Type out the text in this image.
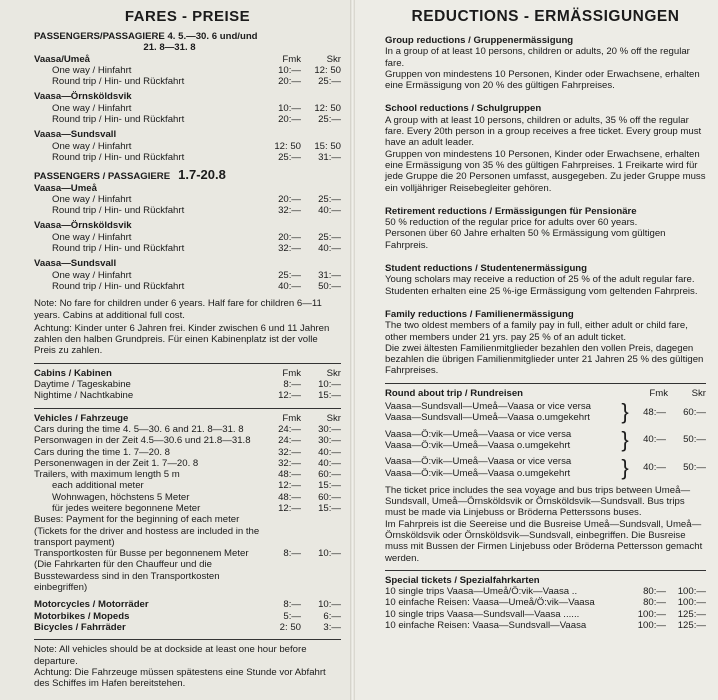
FARES - PREISE
PASSENGERS/PASSAGIERE 4. 5.—30. 6 und/und
21. 8—31. 8
Vaasa/Umeå	Fmk	Skr
One way / Hinfahrt	10:—	12: 50
Round trip / Hin- und Rückfahrt	20:—	25:—
Vaasa—Örnsköldsvik
One way / Hinfahrt	10:—	12: 50
Round trip / Hin- und Rückfahrt	20:—	25:—
Vaasa—Sundsvall
One way / Hinfahrt	12: 50	15: 50
Round trip / Hin- und Rückfahrt	25:—	31:—
PASSENGERS / PASSAGIERE 1.7-20.8
Vaasa—Umeå
One way / Hinfahrt	20:—	25:—
Round trip / Hin- und Rückfahrt	32:—	40:—
Vaasa—Örnsköldsvik
One way / Hinfahrt	20:—	25:—
Round trip / Hin- und Rückfahrt	32:—	40:—
Vaasa—Sundsvall
One way / Hinfahrt	25:—	31:—
Round trip / Hin- und Rückfahrt	40:—	50:—

Note: No fare for children under 6 years. Half fare for children 6—11 years. Cabins at additional full cost.

Achtung: Kinder unter 6 Jahren frei. Kinder zwischen 6 und 11 Jahren zahlen den halben Grundpreis. Für einen Kabinenplatz ist der volle Preis zu zahlen.

Cabins / Kabinen	Fmk	Skr
Daytime / Tageskabine	8:—	10:—
Nightime / Nachtkabine	12:—	15:—
Vehicles / Fahrzeuge	Fmk	Skr
Cars during the time 4. 5—30. 6 and 21. 8—31. 8	24:—	30:—
Personwagen in der Zeit 4.5—30.6 und 21.8—31.8	24:—	30:—
Cars during the time 1. 7—20. 8	32:—	40:—
Personenwagen in der Zeit 1. 7—20. 8	32:—	40:—
Trailers, with maximum length 5 m	48:—	60:—
each additional meter	12:—	15:—
Wohnwagen, höchstens 5 Meter	48:—	60:—
für jedes weitere begonnene Meter	12:—	15:—

Buses: Payment for the beginning of each meter (Tickets for the driver and hostess are included in the transport payment)

Transportkosten für Busse per begonnenem Meter	8:—	10:—

(Die Fahrkarten für den Chauffeur und die Busstewardess sind in den Transportkosten einbegriffen)

Motorcycles / Motorräder	8:—	10:—
Motorbikes / Mopeds	5:—	6:—
Bicycles / Fahrräder	2: 50	3:—

Note: All vehicles should be at dockside at least one hour before departure.

Achtung: Die Fahrzeuge müssen spätestens eine Stunde vor Abfahrt des Schiffes im Hafen bereitstehen.

REDUCTIONS - ERMÄSSIGUNGEN
Group reductions / Gruppenermässigung

In a group of at least 10 persons, children or adults, 20 % off the regular fare.

Gruppen von mindestens 10 Personen, Kinder oder Erwachsene, erhalten eine Ermässigung von 20 % des gültigen Fahrpreises.

School reductions / Schulgruppen

A group with at least 10 persons, children or adults, 35 % off the regular fare. Every 20th person in a group receives a free ticket. Every group must have an adult leader.

Gruppen von mindestens 10 Personen, Kinder oder Erwachsene, erhalten eine Ermässigung von 35 % des gültigen Fahrpreises. 1 Freikarte wird für jede Gruppe die 20 Personen umfasst, ausgegeben. Zu jeder Gruppe muss ein volljähriger Reisebegleiter gehören.

Retirement reductions / Ermässigungen für Pensionäre

50 % reduction of the regular price for adults over 60 years.

Personen über 60 Jahre erhalten 50 % Ermässigung vom gültigen Fahrpreis.

Student reductions / Studentenermässigung

Young scholars may receive a reduction of 25 % of the adult regular fare.

Studenten erhalten eine 25 %-ige Ermässigung vom geltenden Fahrpreis.

Family reductions / Familienermässigung

The two oldest members of a family pay in full, either adult or child fare, other members under 21 yrs. pay 25 % of an adult ticket.

Die zwei ältesten Familienmitglieder bezahlen den vollen Preis, dagegen bezahlen die übrigen Familienmitglieder unter 21 Jahren 25 % des gültigen Fahrpreises.

Round about trip / Rundreisen	Fmk	Skr
Vaasa—Sundsvall—Umeå—Vaasa or vice versa
Vaasa—Sundsvall—Umeå—Vaasa o.umgekehrt	}	48:—	60:—
Vaasa—Ö:vik—Umeå—Vaasa or vice versa
Vaasa—Ö:vik—Umeå—Vaasa o.umgekehrt	}	40:—	50:—
Vaasa—Ö:vik—Umeå—Vaasa or vice versa
Vaasa—Ö:vik—Umeå—Vaasa o.umgekehrt	}	40:—	50:—

The ticket price includes the sea voyage and bus trips between Umeå—Sundsvall, Umeå—Örnsköldsvik or Örnsköldsvik—Sundsvall. Bus trips must be made via Linjebuss or Bröderna Petterssons buses.

Im Fahrpreis ist die Seereise und die Busreise Umeå—Sundsvall, Umeå—Örnsköldsvik oder Örnsköldsvik—Sundsvall, einbegriffen. Die Busreise muss mit Bussen der Firmen Linjebuss oder Bröderna Pettersson gemacht werden.

Special tickets / Spezialfahrkarten
10 single trips Vaasa—Umeå/Ö:vik—Vaasa ..	80:—	100:—
10 einfache Reisen: Vaasa—Umeå/Ö:vik—Vaasa	80:—	100:—
10 single trips Vaasa—Sundsvall—Vaasa ......	100:—	125:—
10 einfache Reisen: Vaasa—Sundsvall—Vaasa	100:—	125:—
